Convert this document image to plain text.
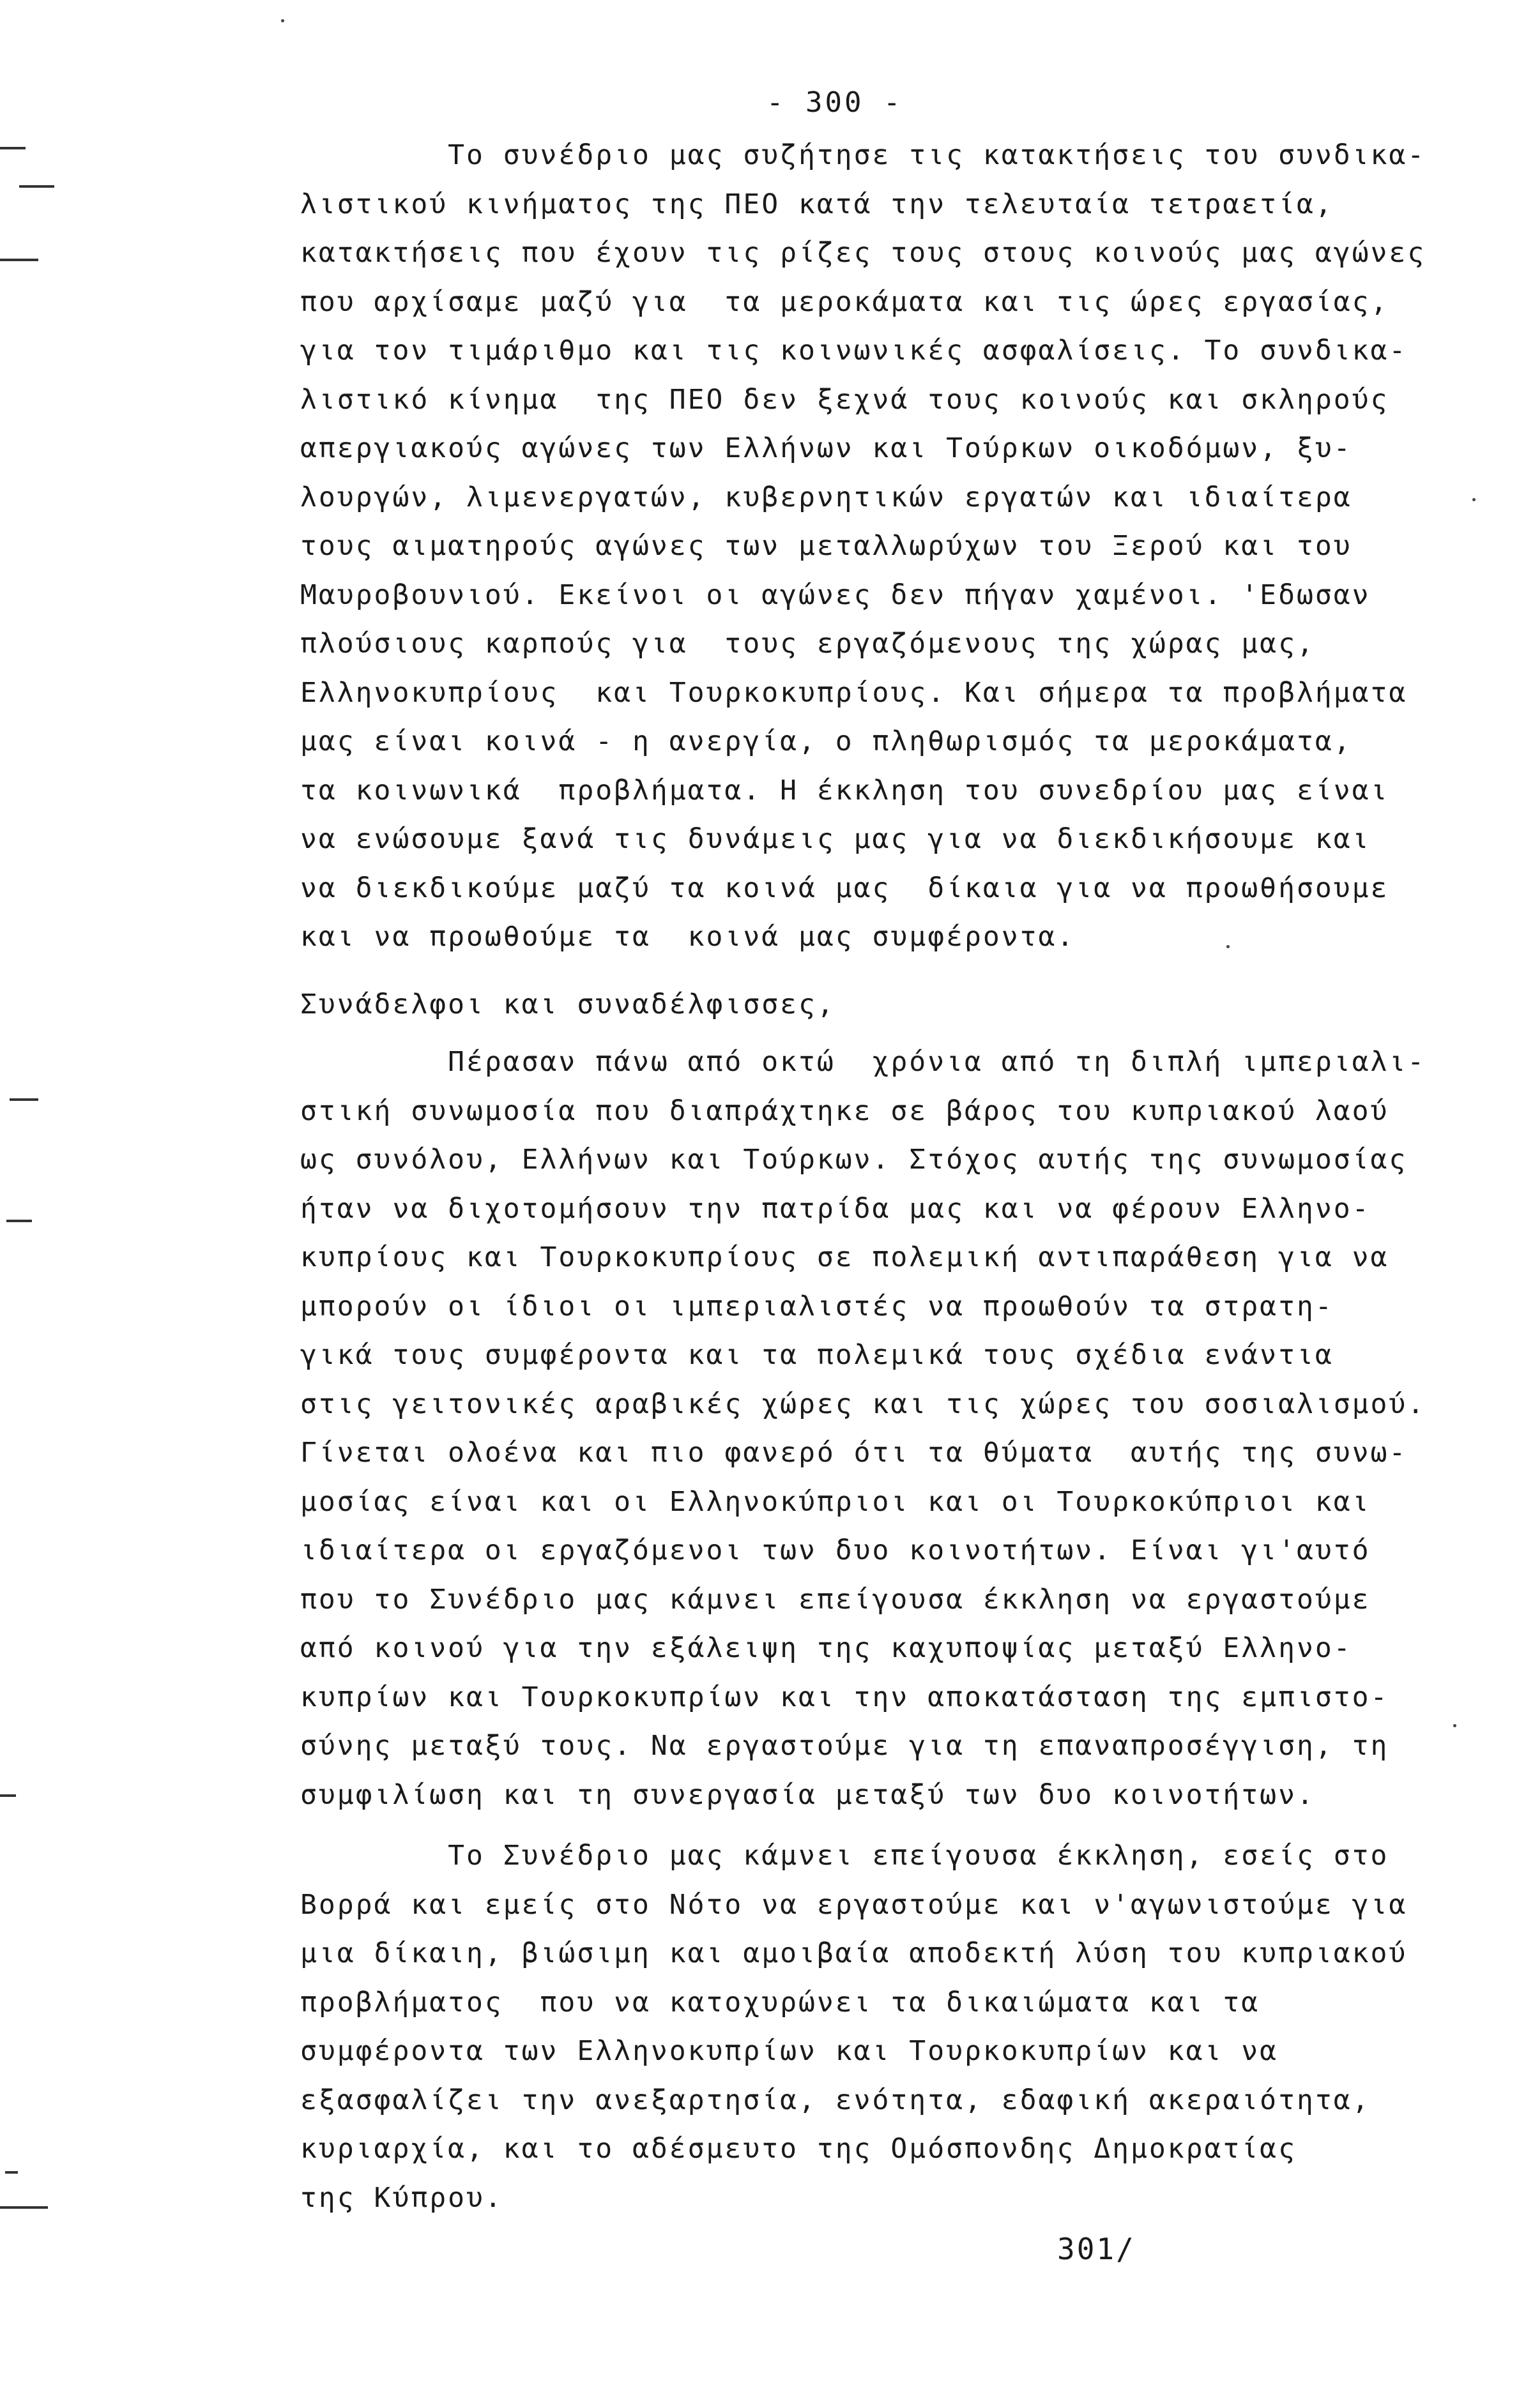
- 300 -
Το συνέδριο μας συζήτησε τις κατακτήσεις του συνδικα-
λιστικού κινήματος της ΠΕΟ κατά την τελευταία τετραετία,
κατακτήσεις που έχουν τις ρίζες τους στους κοινούς μας αγώνες
που αρχίσαμε μαζύ για  τα μεροκάματα και τις ώρες εργασίας,
για τον τιμάριθμο και τις κοινωνικές ασφαλίσεις. Το συνδικα-
λιστικό κίνημα  της ΠΕΟ δεν ξεχνά τους κοινούς και σκληρούς
απεργιακούς αγώνες των Ελλήνων και Τούρκων οικοδόμων, ξυ-
λουργών, λιμενεργατών, κυβερνητικών εργατών και ιδιαίτερα
τους αιματηρούς αγώνες των μεταλλωρύχων του Ξερού και του
Μαυροβουνιού. Εκείνοι οι αγώνες δεν πήγαν χαμένοι. 'Εδωσαν
πλούσιους καρπούς για  τους εργαζόμενους της χώρας μας,
Ελληνοκυπρίους  και Τουρκοκυπρίους. Και σήμερα τα προβλήματα
μας είναι κοινά - η ανεργία, ο πληθωρισμός τα μεροκάματα,
τα κοινωνικά  προβλήματα. Η έκκληση του συνεδρίου μας είναι
να ενώσουμε ξανά τις δυνάμεις μας για να διεκδικήσουμε και
να διεκδικούμε μαζύ τα κοινά μας  δίκαια για να προωθήσουμε
και να προωθούμε τα  κοινά μας συμφέροντα.
Συνάδελφοι και συναδέλφισσες,
Πέρασαν πάνω από οκτώ  χρόνια από τη διπλή ιμπεριαλι-
στική συνωμοσία που διαπράχτηκε σε βάρος του κυπριακού λαού
ως συνόλου, Ελλήνων και Τούρκων. Στόχος αυτής της συνωμοσίας
ήταν να διχοτομήσουν την πατρίδα μας και να φέρουν Ελληνο-
κυπρίους και Τουρκοκυπρίους σε πολεμική αντιπαράθεση για να
μπορούν οι ίδιοι οι ιμπεριαλιστές να προωθούν τα στρατη-
γικά τους συμφέροντα και τα πολεμικά τους σχέδια ενάντια
στις γειτονικές αραβικές χώρες και τις χώρες του σοσιαλισμού.
Γίνεται ολοένα και πιο φανερό ότι τα θύματα  αυτής της συνω-
μοσίας είναι και οι Ελληνοκύπριοι και οι Τουρκοκύπριοι και
ιδιαίτερα οι εργαζόμενοι των δυο κοινοτήτων. Είναι γι'αυτό
που το Συνέδριο μας κάμνει επείγουσα έκκληση να εργαστούμε
από κοινού για την εξάλειψη της καχυποψίας μεταξύ Ελληνο-
κυπρίων και Τουρκοκυπρίων και την αποκατάσταση της εμπιστο-
σύνης μεταξύ τους. Να εργαστούμε για τη επαναπροσέγγιση, τη
συμφιλίωση και τη συνεργασία μεταξύ των δυο κοινοτήτων.
Το Συνέδριο μας κάμνει επείγουσα έκκληση, εσείς στο
Βορρά και εμείς στο Νότο να εργαστούμε και ν'αγωνιστούμε για
μια δίκαιη, βιώσιμη και αμοιβαία αποδεκτή λύση του κυπριακού
προβλήματος  που να κατοχυρώνει τα δικαιώματα και τα
συμφέροντα των Ελληνοκυπρίων και Τουρκοκυπρίων και να
εξασφαλίζει την ανεξαρτησία, ενότητα, εδαφική ακεραιότητα,
κυριαρχία, και το αδέσμευτο της Ομόσπονδης Δημοκρατίας
της Κύπρου.
301/
